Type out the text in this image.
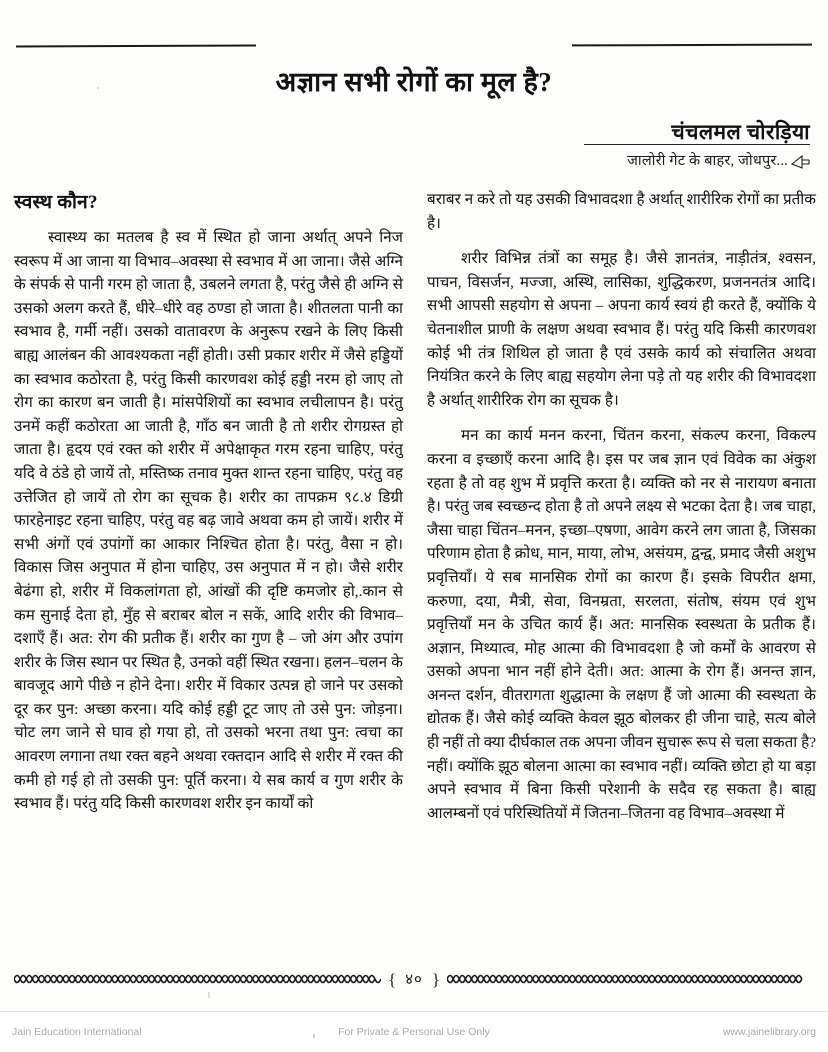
अज्ञान सभी रोगों का मूल है?
चंचलमल चोरड़िया
जालोरी गेट के बाहर, जोधपुर...
स्वस्थ कौन?

स्वास्थ्य का मतलब है स्व में स्थित हो जाना अर्थात् अपने निज स्वरूप में आ जाना या विभाव–अवस्था से स्वभाव में आ जाना। जैसे अग्नि के संपर्क से पानी गरम हो जाता है, उबलने लगता है, परंतु जैसे ही अग्नि से उसको अलग करते हैं, धीरे–धीरे वह ठण्डा हो जाता है। शीतलता पानी का स्वभाव है, गर्मी नहीं। उसको वातावरण के अनुरूप रखने के लिए किसी बाह्य आलंबन की आवश्यकता नहीं होती। उसी प्रकार शरीर में जैसे हड्डियों का स्वभाव कठोरता है, परंतु किसी कारणवश कोई हड्डी नरम हो जाए तो रोग का कारण बन जाती है। मांसपेशियों का स्वभाव लचीलापन है। परंतु उनमें कहीं कठोरता आ जाती है, गाँठ बन जाती है तो शरीर रोगग्रस्त हो जाता है। हृदय एवं रक्त को शरीर में अपेक्षाकृत गरम रहना चाहिए, परंतु यदि वे ठंडे हो जायें तो, मस्तिष्क तनाव मुक्त शान्त रहना चाहिए, परंतु वह उत्तेजित हो जायें तो रोग का सूचक है। शरीर का तापक्रम ९८.४ डिग्री फारहेनाइट रहना चाहिए, परंतु वह बढ़ जावे अथवा कम हो जायें। शरीर में सभी अंगों एवं उपांगों का आकार निश्चित होता है। परंतु, वैसा न हो। विकास जिस अनुपात में होना चाहिए, उस अनुपात में न हो। जैसे शरीर बेढंगा हो, शरीर में विकलांगता हो, आंखों की दृष्टि कमजोर हो,.कान से कम सुनाई देता हो, मुँह से बराबर बोल न सकें, आदि शरीर की विभाव–दशाएँ हैं। अत: रोग की प्रतीक हैं। शरीर का गुण है – जो अंग और उपांग शरीर के जिस स्थान पर स्थित है, उनको वहीं स्थित रखना। हलन–चलन के बावजूद आगे पीछे न होने देना। शरीर में विकार उत्पन्न हो जाने पर उसको दूर कर पुन: अच्छा करना। यदि कोई हड्डी टूट जाए तो उसे पुन: जोड़ना। चोट लग जाने से घाव हो गया हो, तो उसको भरना तथा पुन: त्वचा का आवरण लगाना तथा रक्त बहने अथवा रक्तदान आदि से शरीर में रक्त की कमी हो गई हो तो उसकी पुन: पूर्ति करना। ये सब कार्य व गुण शरीर के स्वभाव हैं। परंतु यदि किसी कारणवश शरीर इन कार्यों को

बराबर न करे तो यह उसकी विभावदशा है अर्थात् शारीरिक रोगों का प्रतीक है।

शरीर विभिन्न तंत्रों का समूह है। जैसे ज्ञानतंत्र, नाड़ीतंत्र, श्वसन, पाचन, विसर्जन, मज्जा, अस्थि, लासिका, शुद्धिकरण, प्रजननतंत्र आदि। सभी आपसी सहयोग से अपना – अपना कार्य स्वयं ही करते हैं, क्योंकि ये चेतनाशील प्राणी के लक्षण अथवा स्वभाव हैं। परंतु यदि किसी कारणवश कोई भी तंत्र शिथिल हो जाता है एवं उसके कार्य को संचालित अथवा नियंत्रित करने के लिए बाह्य सहयोग लेना पड़े तो यह शरीर की विभावदशा है अर्थात् शारीरिक रोग का सूचक है।

मन का कार्य मनन करना, चिंतन करना, संकल्प करना, विकल्प करना व इच्छाएँ करना आदि है। इस पर जब ज्ञान एवं विवेक का अंकुश रहता है तो वह शुभ में प्रवृत्ति करता है। व्यक्ति को नर से नारायण बनाता है। परंतु जब स्वच्छन्द होता है तो अपने लक्ष्य से भटका देता है। जब चाहा, जैसा चाहा चिंतन–मनन, इच्छा–एषणा, आवेग करने लग जाता है, जिसका परिणाम होता है क्रोध, मान, माया, लोभ, असंयम, द्वन्द्व, प्रमाद जैसी अशुभ प्रवृत्तियाँ। ये सब मानसिक रोगों का कारण हैं। इसके विपरीत क्षमा, करुणा, दया, मैत्री, सेवा, विनम्रता, सरलता, संतोष, संयम एवं शुभ प्रवृत्तियाँ मन के उचित कार्य हैं। अत: मानसिक स्वस्थता के प्रतीक हैं। अज्ञान, मिथ्यात्व, मोह आत्मा की विभावदशा है जो कर्मों के आवरण से उसको अपना भान नहीं होने देती। अत: आत्मा के रोग हैं। अनन्त ज्ञान, अनन्त दर्शन, वीतरागता शुद्धात्मा के लक्षण हैं जो आत्मा की स्वस्थता के द्योतक हैं। जैसे कोई व्यक्ति केवल झूठ बोलकर ही जीना चाहे, सत्य बोले ही नहीं तो क्या दीर्घकाल तक अपना जीवन सुचारू रूप से चला सकता है? नहीं। क्योंकि झूठ बोलना आत्मा का स्वभाव नहीं। व्यक्ति छोटा हो या बड़ा अपने स्वभाव में बिना किसी परेशानी के सदैव रह सकता है। बाह्य आलम्बनों एवं परिस्थितियों में जितना–जितना वह विभाव–अवस्था में

{ ४० }
Jain Education International	For Private & Personal Use Only	www.jainelibrary.org
